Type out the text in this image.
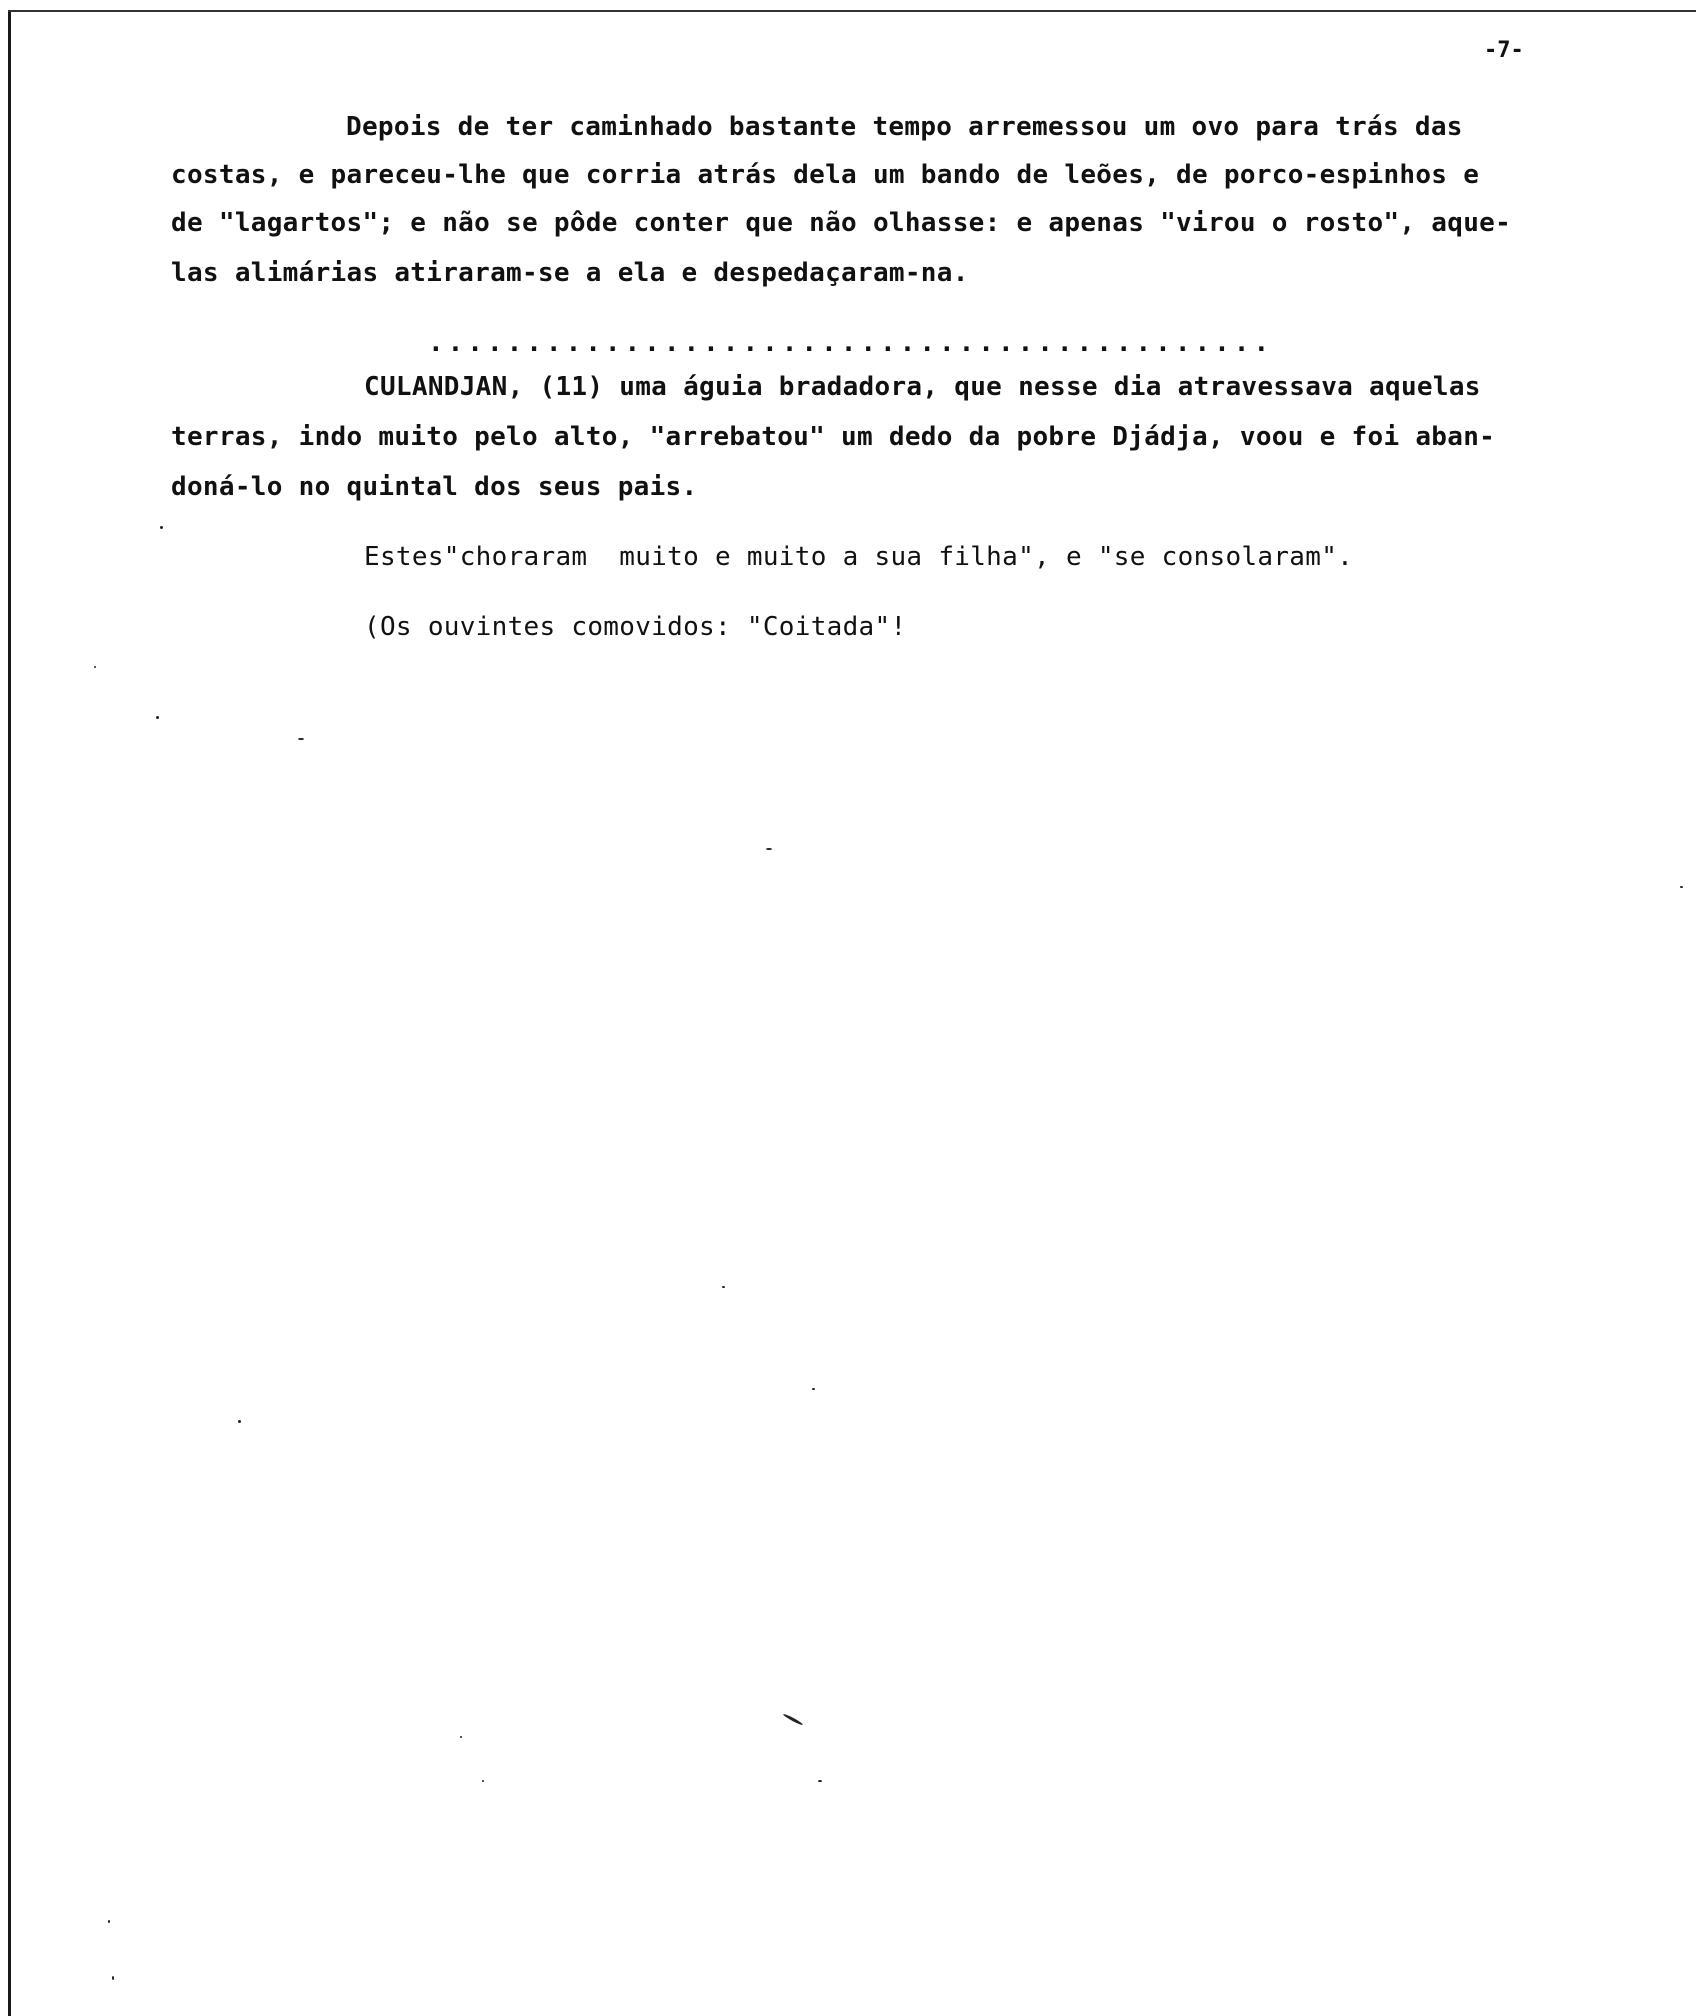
-7-
Depois de ter caminhado bastante tempo arremessou um ovo para trás das
costas, e pareceu-lhe que corria atrás dela um bando de leões, de porco-espinhos e
de "lagartos"; e não se pôde conter que não olhasse: e apenas "virou o rosto", aque-
las alimárias atiraram-se a ela e despedaçaram-na.
...........................................
CULANDJAN, (11) uma águia bradadora, que nesse dia atravessava aquelas
terras, indo muito pelo alto, "arrebatou" um dedo da pobre Djádja, voou e foi aban-
doná-lo no quintal dos seus pais.
Estes"choraram  muito e muito a sua filha", e "se consolaram".
(Os ouvintes comovidos: "Coitada"!
